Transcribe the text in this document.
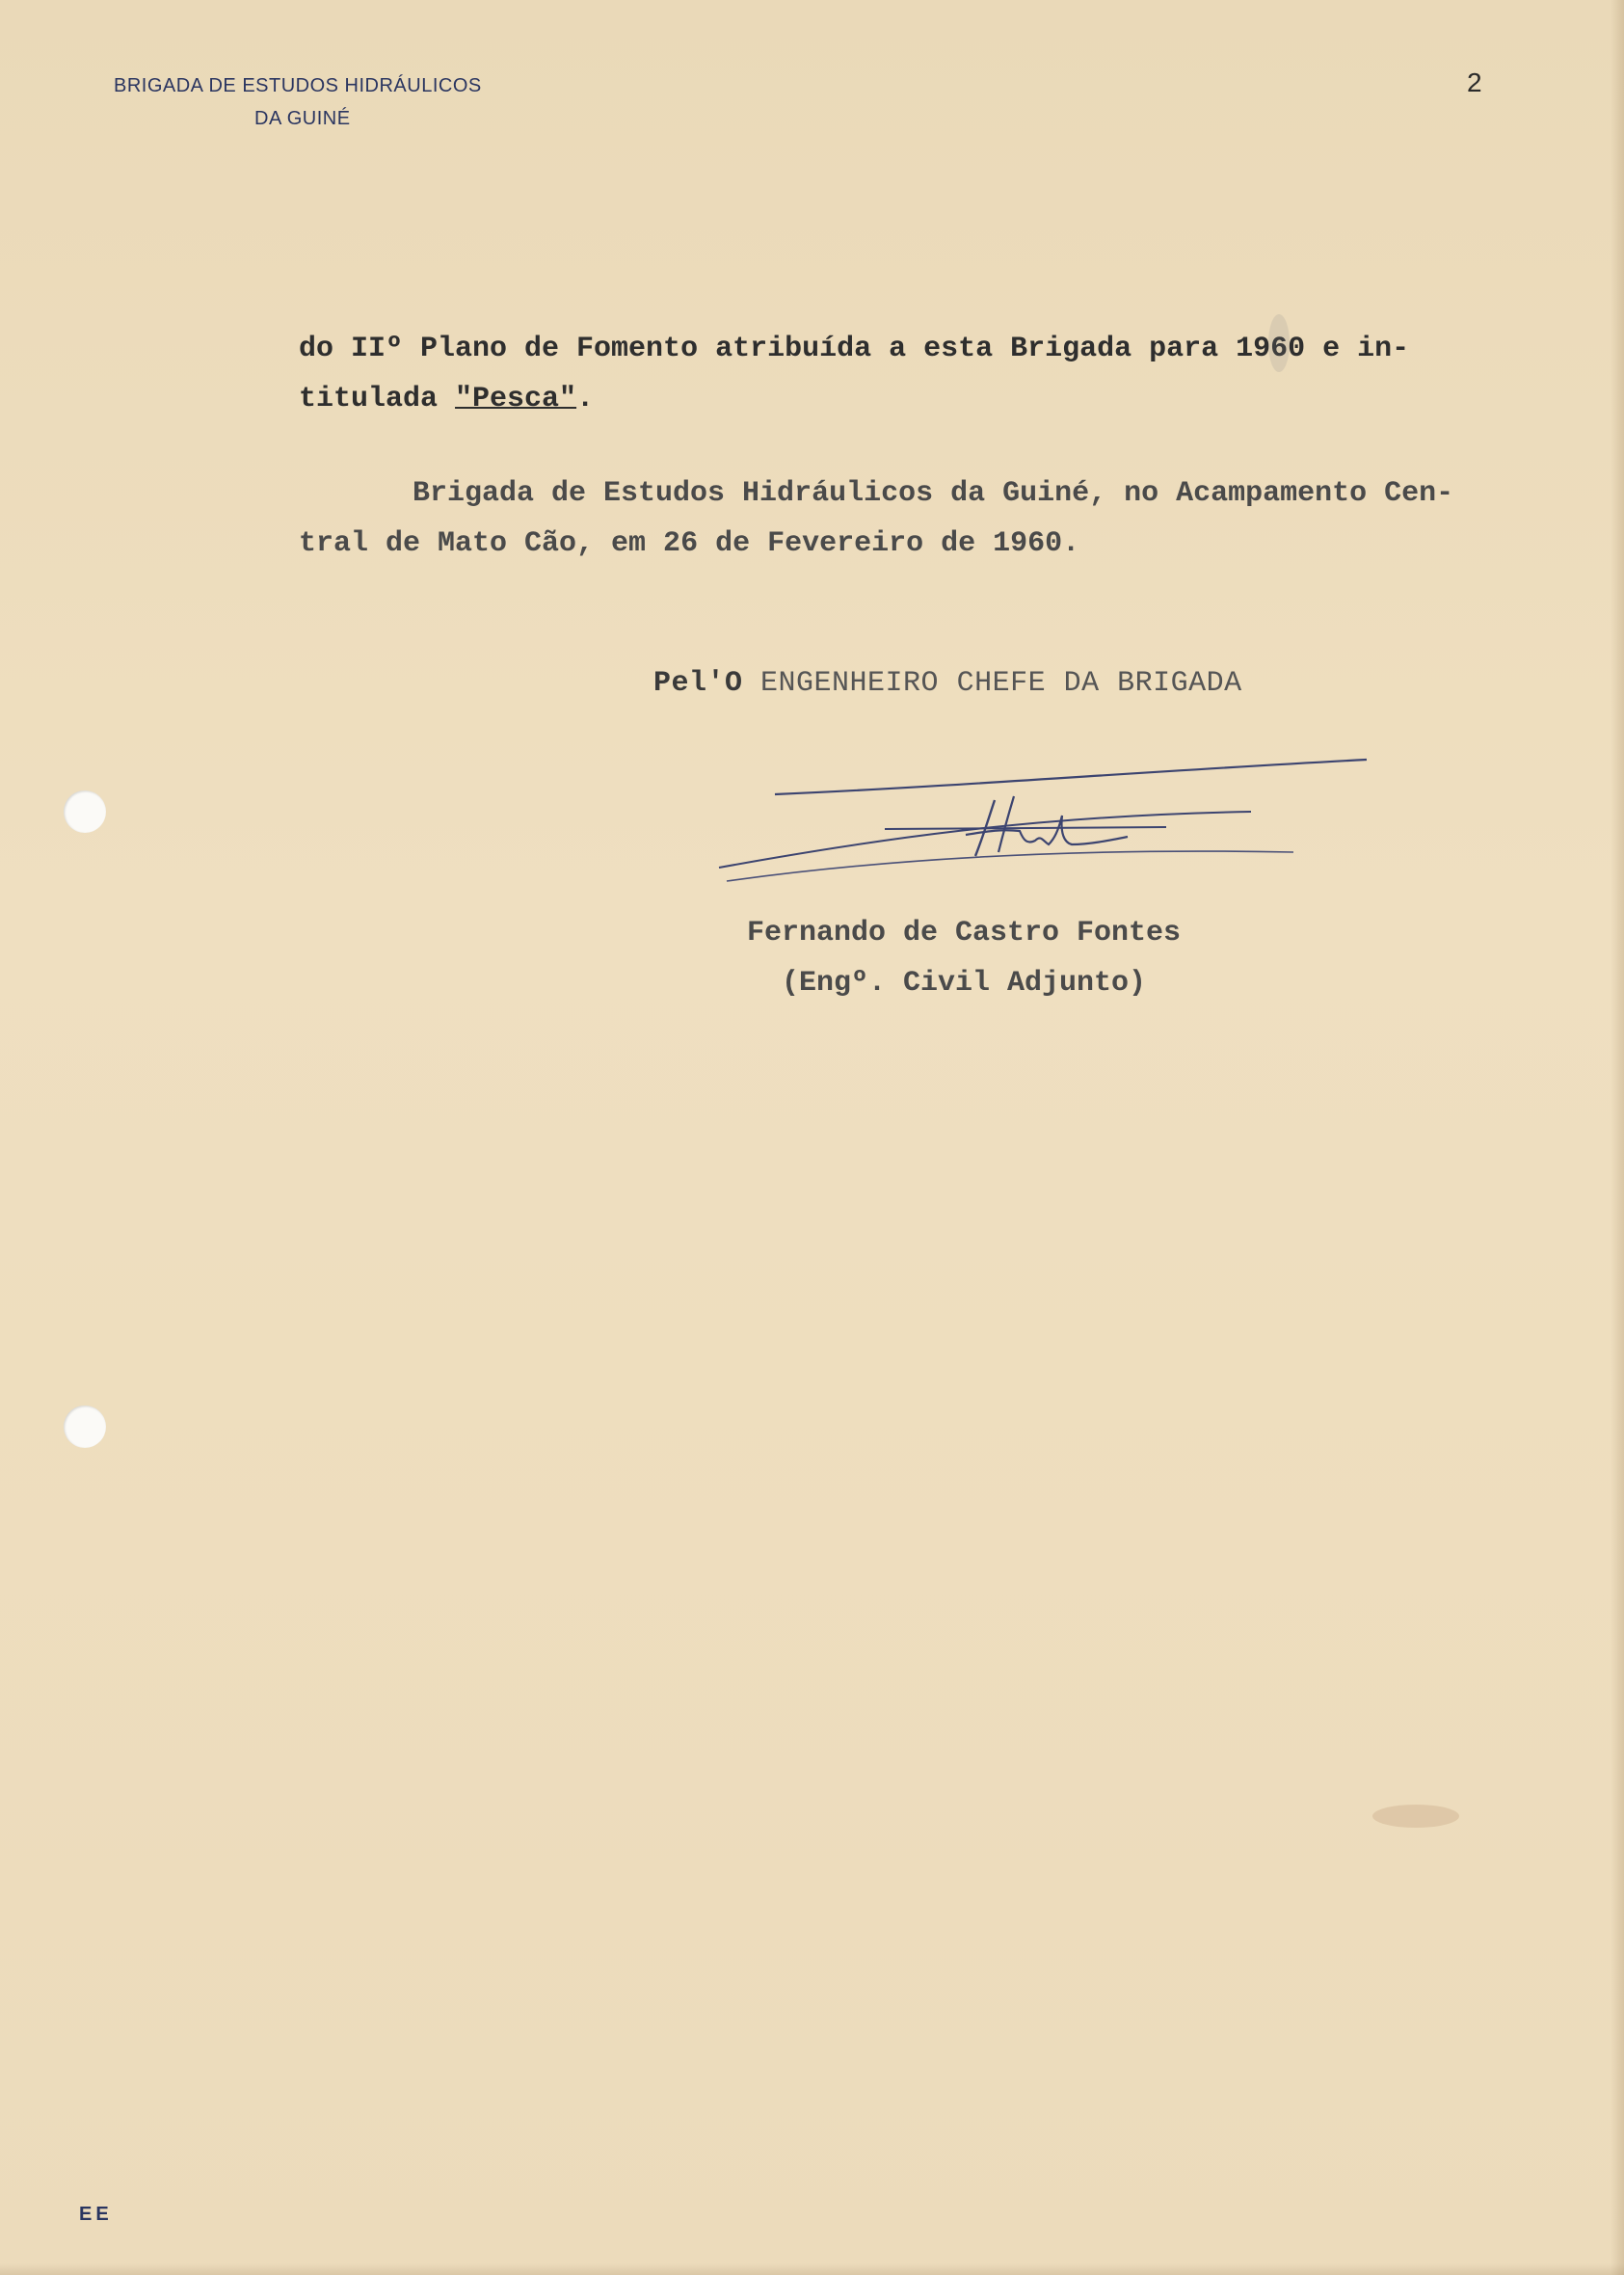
BRIGADA DE ESTUDOS HIDRÁULICOS
DA GUINÉ
2
do IIº Plano de Fomento atribuída a esta Brigada para 1960 e in-
titulada "Pesca".
Brigada de Estudos Hidráulicos da Guiné, no Acampamento Cen-
tral de Mato Cão, em 26 de Fevereiro de 1960.
Pel'O ENGENHEIRO CHEFE DA BRIGADA
Fernando de Castro Fontes
(Engº. Civil Adjunto)
EE
